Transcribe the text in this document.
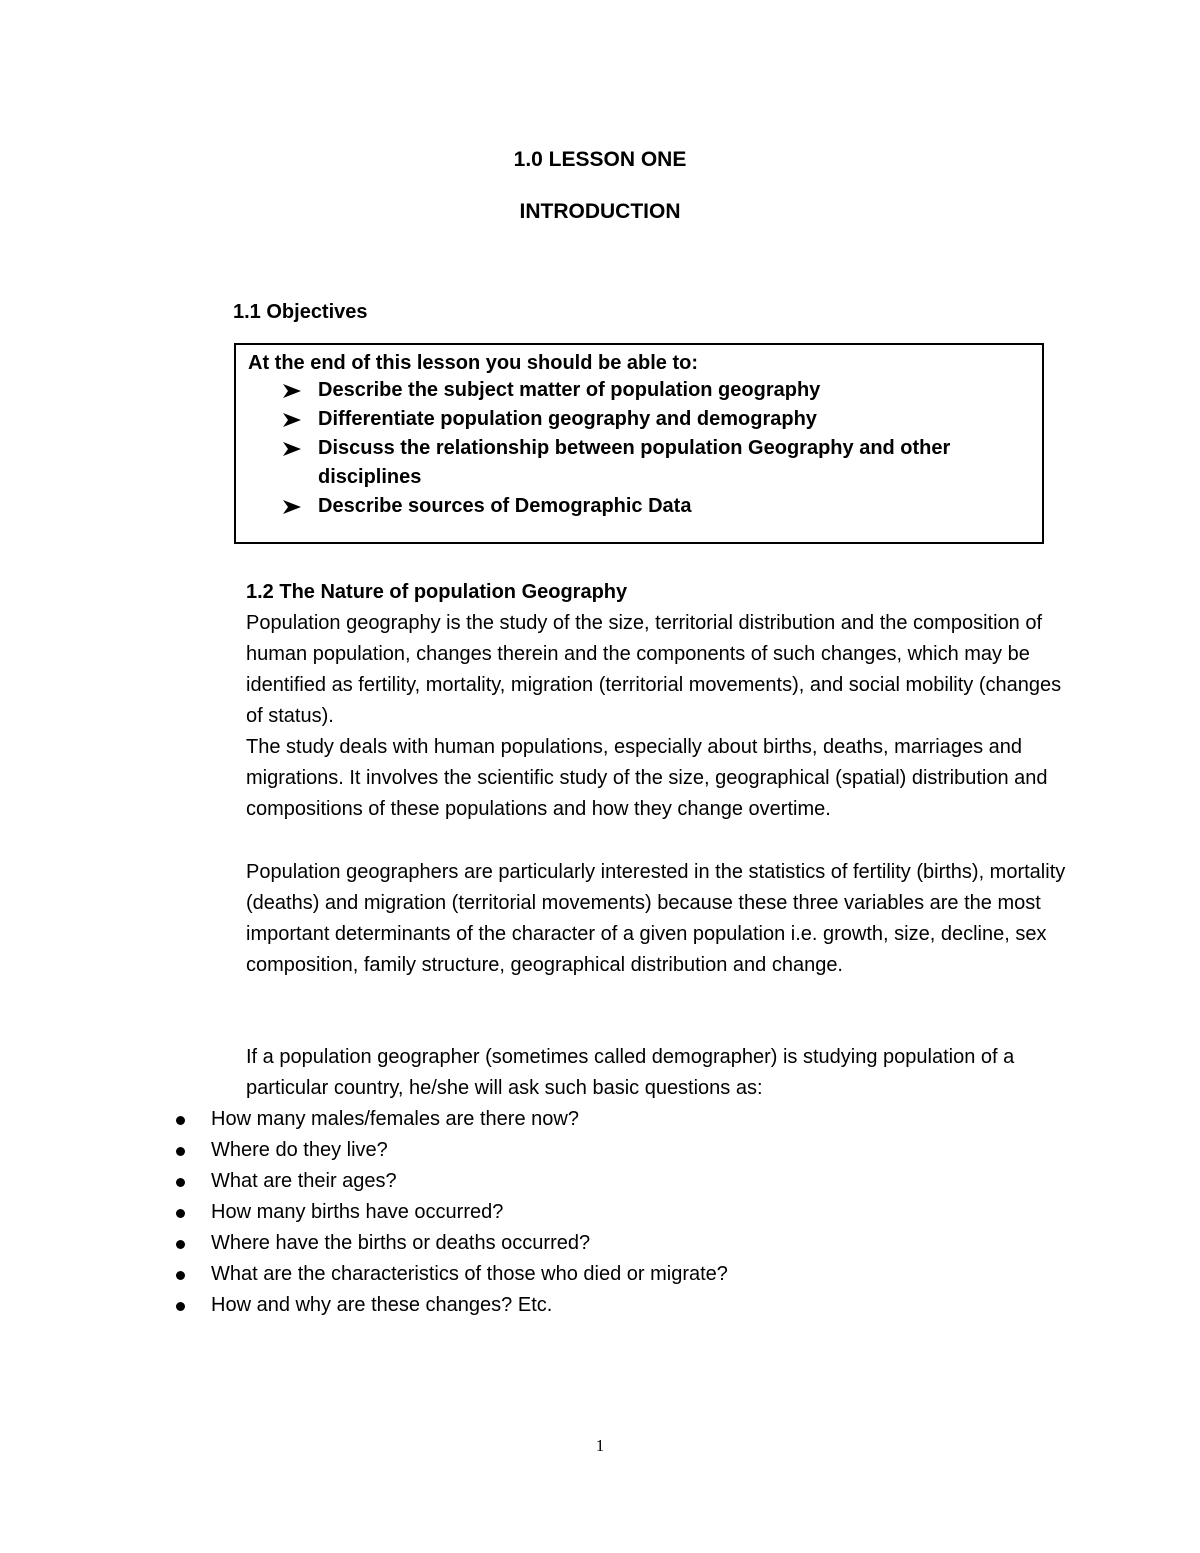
1.0 LESSON ONE
INTRODUCTION
1.1 Objectives
At the end of this lesson you should be able to:
Describe the subject matter of population geography
Differentiate population geography and demography
Discuss the relationship between population Geography and other disciplines
Describe sources of Demographic Data
1.2 The Nature of population Geography
Population geography is the study of the size, territorial distribution and the composition of human population, changes therein and the components of such changes, which may be identified as fertility, mortality, migration (territorial movements), and social mobility (changes of status).
The study deals with human populations, especially about births, deaths, marriages and migrations. It involves the scientific study of the size, geographical (spatial) distribution and compositions of these populations and how they change overtime.
Population geographers are particularly interested in the statistics of fertility (births), mortality (deaths) and migration (territorial movements) because these three variables are the most important determinants of the character of a given population i.e. growth, size, decline, sex composition, family structure, geographical distribution and change.
If a population geographer (sometimes called demographer) is studying population of a particular country, he/she will ask such basic questions as:
How many males/females are there now?
Where do they live?
What are their ages?
How many births have occurred?
Where have the births or deaths occurred?
What are the characteristics of those who died or migrate?
How and why are these changes? Etc.
1
